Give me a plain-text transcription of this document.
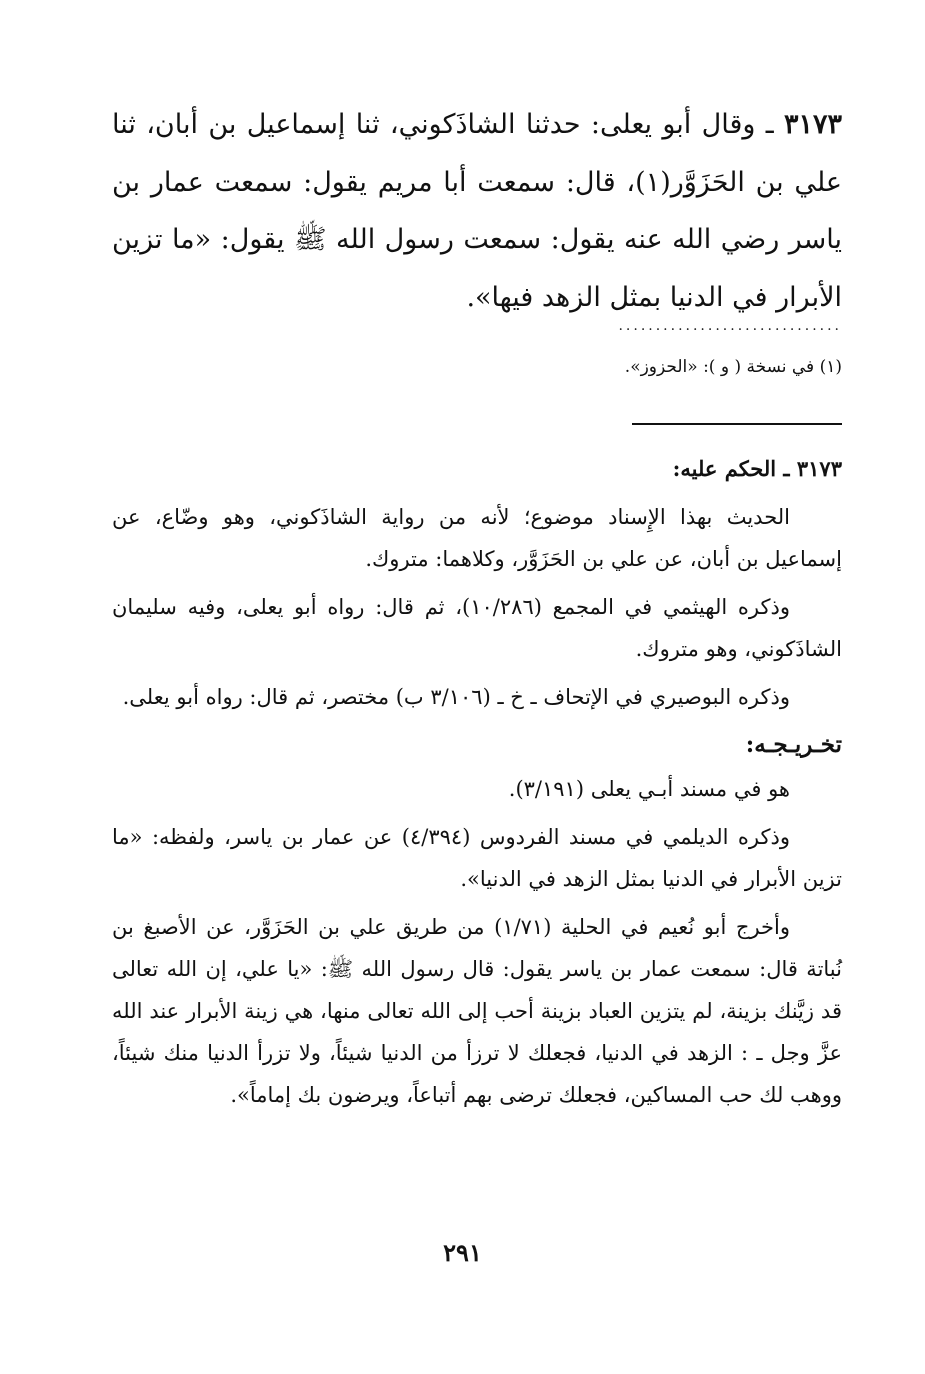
٣١٧٣ ـ وقال أبو يعلى: حدثنا الشاذَكوني، ثنا إسماعيل بن أبان، ثنا علي بن الحَزَوَّر(١)، قال: سمعت أبا مريم يقول: سمعت عمار بن ياسر رضي الله عنه يقول: سمعت رسول الله ﷺ يقول: «ما تزين الأبرار في الدنيا بمثل الزهد فيها».
..............................
(١) في نسخة ( و ): «الحزوز».
٣١٧٣ ـ الحكم عليه:

الحديث بهذا الإِسناد موضوع؛ لأنه من رواية الشاذَكوني، وهو وضّاع، عن إسماعيل بن أبان، عن علي بن الحَزَوَّر، وكلاهما: متروك.

وذكره الهيثمي في المجمع (١٠/٢٨٦)، ثم قال: رواه أبو يعلى، وفيه سليمان الشاذَكوني، وهو متروك.

وذكره البوصيري في الإتحاف ـ خ ـ (٣/١٠٦ ب) مختصر، ثم قال: رواه أبو يعلى.

تخـريـجـه:

هو في مسند أبـي يعلى (٣/١٩١).

وذكره الديلمي في مسند الفردوس (٤/٣٩٤) عن عمار بن ياسر، ولفظه: «ما تزين الأبرار في الدنيا بمثل الزهد في الدنيا».

وأخرج أبو نُعيم في الحلية (١/٧١) من طريق علي بن الحَزَوَّر، عن الأصبغ بن نُباتة قال: سمعت عمار بن ياسر يقول: قال رسول الله ﷺ: «يا علي، إن الله تعالى قد زيَّنك بزينة، لم يتزين العباد بزينة أحب إلى الله تعالى منها، هي زينة الأبرار عند الله عزَّ وجل ـ : الزهد في الدنيا، فجعلك لا ترزأ من الدنيا شيئاً، ولا تزرأ الدنيا منك شيئاً، ووهب لك حب المساكين، فجعلك ترضى بهم أتباعاً، ويرضون بك إماماً».

٢٩١
